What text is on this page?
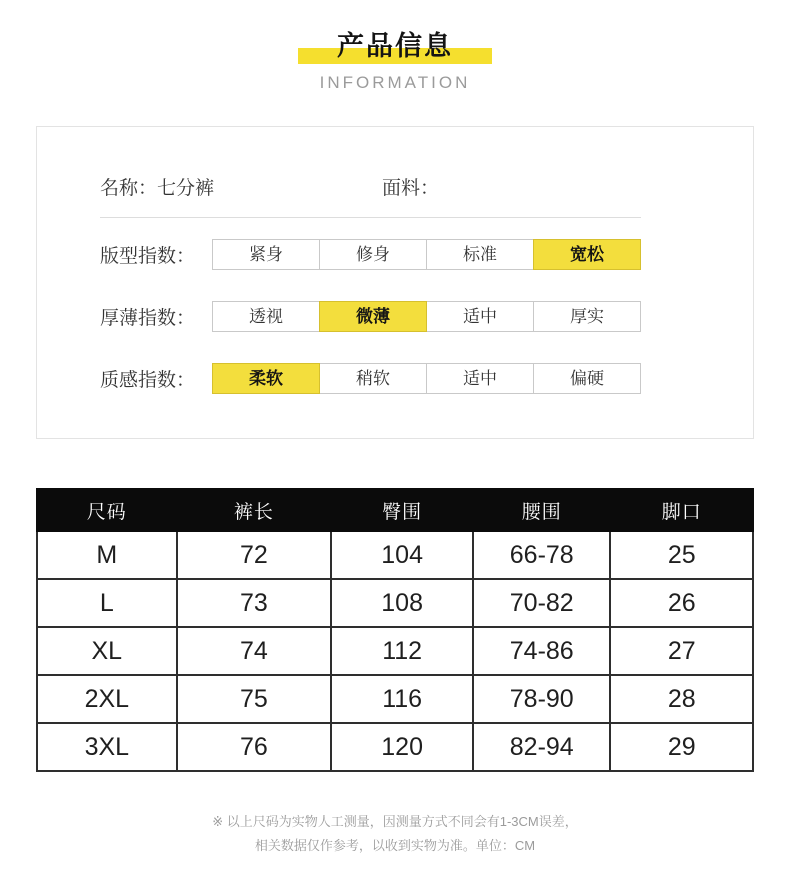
产品信息
INFORMATION
名称：七分裤	面料：
版型指数：	紧身	修身	标准	宽松
厚薄指数：	透视	微薄	适中	厚实
质感指数：	柔软	稍软	适中	偏硬
尺码	裤长	臀围	腰围	脚口
M	72	104	66-78	25
L	73	108	70-82	26
XL	74	112	74-86	27
2XL	75	116	78-90	28
3XL	76	120	82-94	29
※ 以上尺码为实物人工测量，因测量方式不同会有1-3CM误差，
相关数据仅作参考，以收到实物为准。单位：CM
